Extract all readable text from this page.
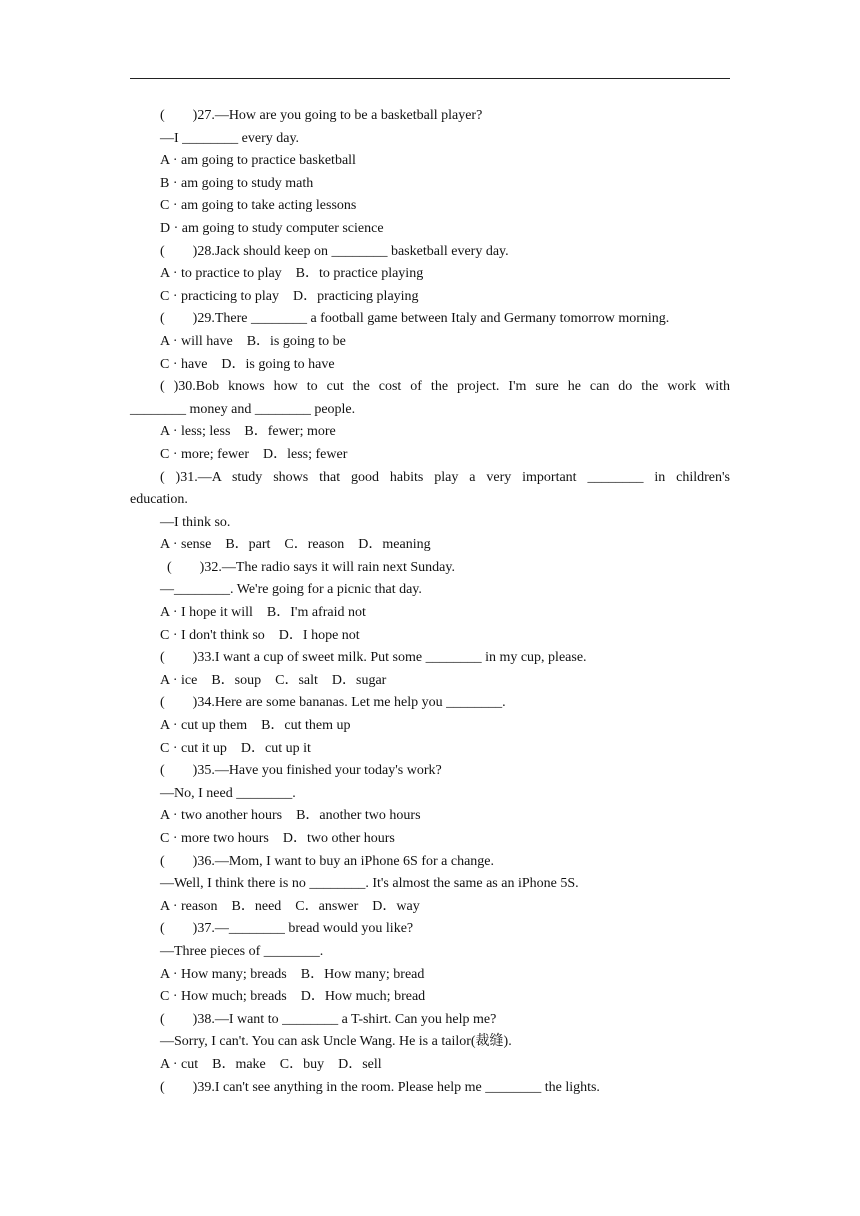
(        )27.—How are you going to be a basketball player?
—I ________ every day.
A · am going to practice basketball
B · am going to study math
C · am going to take acting lessons
D · am going to study computer science
(        )28.Jack should keep on ________ basketball every day.
A · to practice to play    B．to practice playing
C · practicing to play    D．practicing playing
(        )29.There ________ a football game between Italy and Germany tomorrow morning.
A · will have    B．is going to be
C · have    D．is going to have
( )30.Bob knows how to cut the cost of the project. I'm sure he can do the work with
________ money and ________ people.
A · less; less    B．fewer; more
C · more; fewer    D．less; fewer
( )31.—A study shows that good habits play a very important ________ in children's
education.
—I think so.
A · sense    B．part    C．reason    D．meaning
(        )32.—The radio says it will rain next Sunday.
—________. We're going for a picnic that day.
A · I hope it will    B．I'm afraid not
C · I don't think so    D．I hope not
(        )33.I want a cup of sweet milk. Put some ________ in my cup, please.
A · ice    B．soup    C．salt    D．sugar
(        )34.Here are some bananas. Let me help you ________.
A · cut up them    B．cut them up
C · cut it up    D．cut up it
(        )35.—Have you finished your today's work?
—No, I need ________.
A · two another hours    B．another two hours
C · more two hours    D．two other hours
(        )36.—Mom, I want to buy an iPhone 6S for a change.
—Well, I think there is no ________. It's almost the same as an iPhone 5S.
A · reason    B．need    C．answer    D．way
(        )37.—________ bread would you like?
—Three pieces of ________.
A · How many; breads    B．How many; bread
C · How much; breads    D．How much; bread
(        )38.—I want to ________ a T-shirt. Can you help me?
—Sorry, I can't. You can ask Uncle Wang. He is a tailor(裁缝).
A · cut    B．make    C．buy    D．sell
(        )39.I can't see anything in the room. Please help me ________ the lights.
